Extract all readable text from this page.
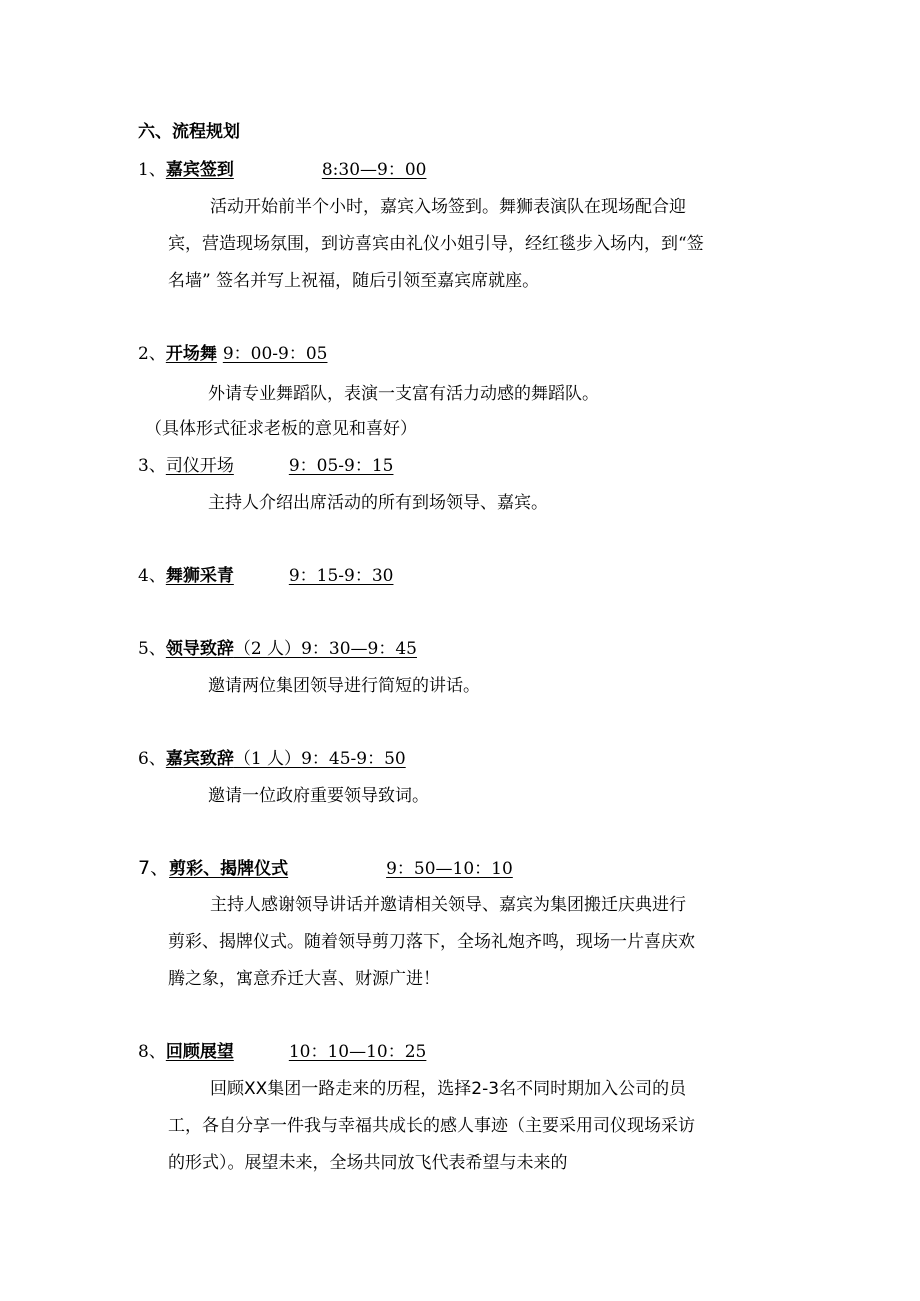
六、流程规划
1、嘉宾签到	8:30—9：00
活动开始前半个小时，嘉宾入场签到。舞狮表演队在现场配合迎
宾，营造现场氛围，到访喜宾由礼仪小姐引导，经红毯步入场内，到“签
名墙” 签名并写上祝福，随后引领至嘉宾席就座。
2、开场舞 9：00-9：05
外请专业舞蹈队，表演一支富有活力动感的舞蹈队。
（具体形式征求老板的意见和喜好）
3、司仪开场	9：05-9：15
主持人介绍出席活动的所有到场领导、嘉宾。
4、舞狮采青	9：15-9：30
5、领导致辞（2 人）9：30—9：45
邀请两位集团领导进行简短的讲话。
6、嘉宾致辞（1 人）9：45-9：50
邀请一位政府重要领导致词。
7、剪彩、揭牌仪式	9：50—10：10
主持人感谢领导讲话并邀请相关领导、嘉宾为集团搬迁庆典进行
剪彩、揭牌仪式。随着领导剪刀落下，全场礼炮齐鸣，现场一片喜庆欢
腾之象，寓意乔迁大喜、财源广进！
8、回顾展望	10：10—10：25
回顾XX集团一路走来的历程，选择2-3名不同时期加入公司的员
工，各自分享一件我与幸福共成长的感人事迹（主要采用司仪现场采访
的形式）。展望未来，全场共同放飞代表希望与未来的
